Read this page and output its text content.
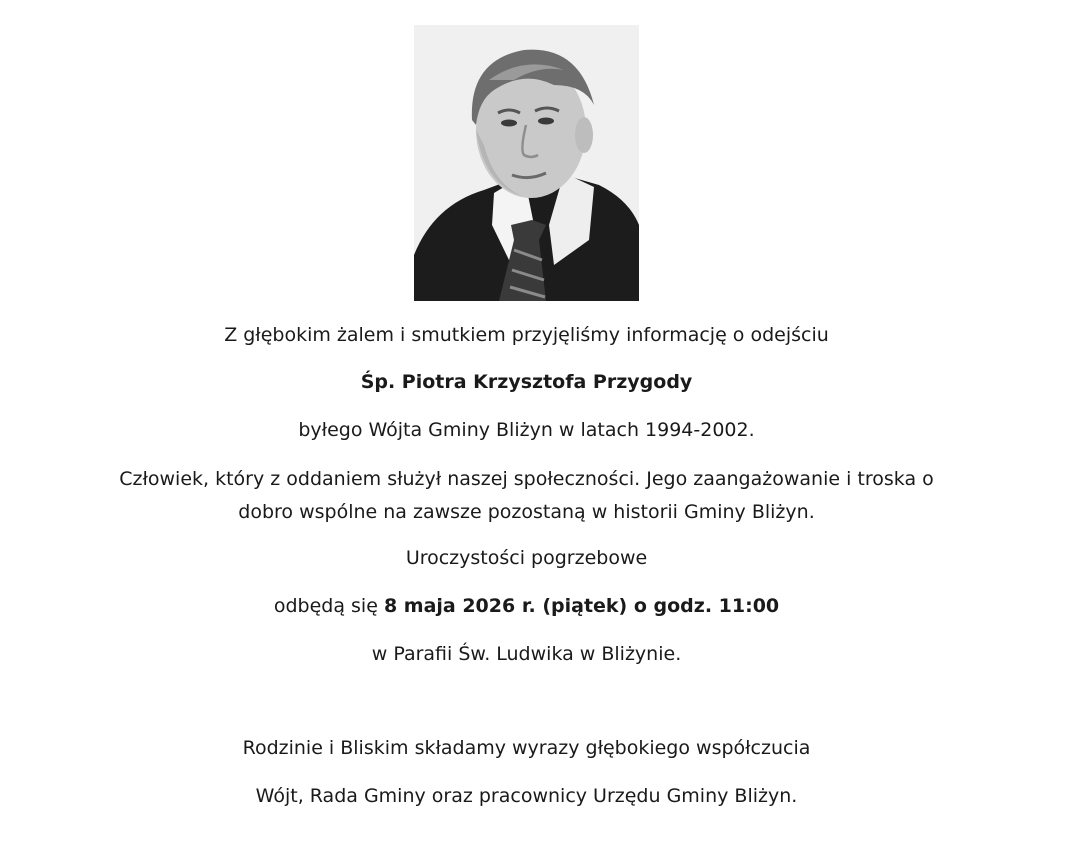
Z głębokim żalem i smutkiem przyjęliśmy informację o odejściu

Śp. Piotra Krzysztofa Przygody

byłego Wójta Gminy Bliżyn w latach 1994-2002.

Człowiek, który z oddaniem służył naszej społeczności. Jego zaangażowanie i troska o
dobro wspólne na zawsze pozostaną w historii Gminy Bliżyn.

Uroczystości pogrzebowe

odbędą się 8 maja 2026 r. (piątek) o godz. 11:00

w Parafii Św. Ludwika w Bliżynie.

Rodzinie i Bliskim składamy wyrazy głębokiego współczucia

Wójt, Rada Gminy oraz pracownicy Urzędu Gminy Bliżyn.
